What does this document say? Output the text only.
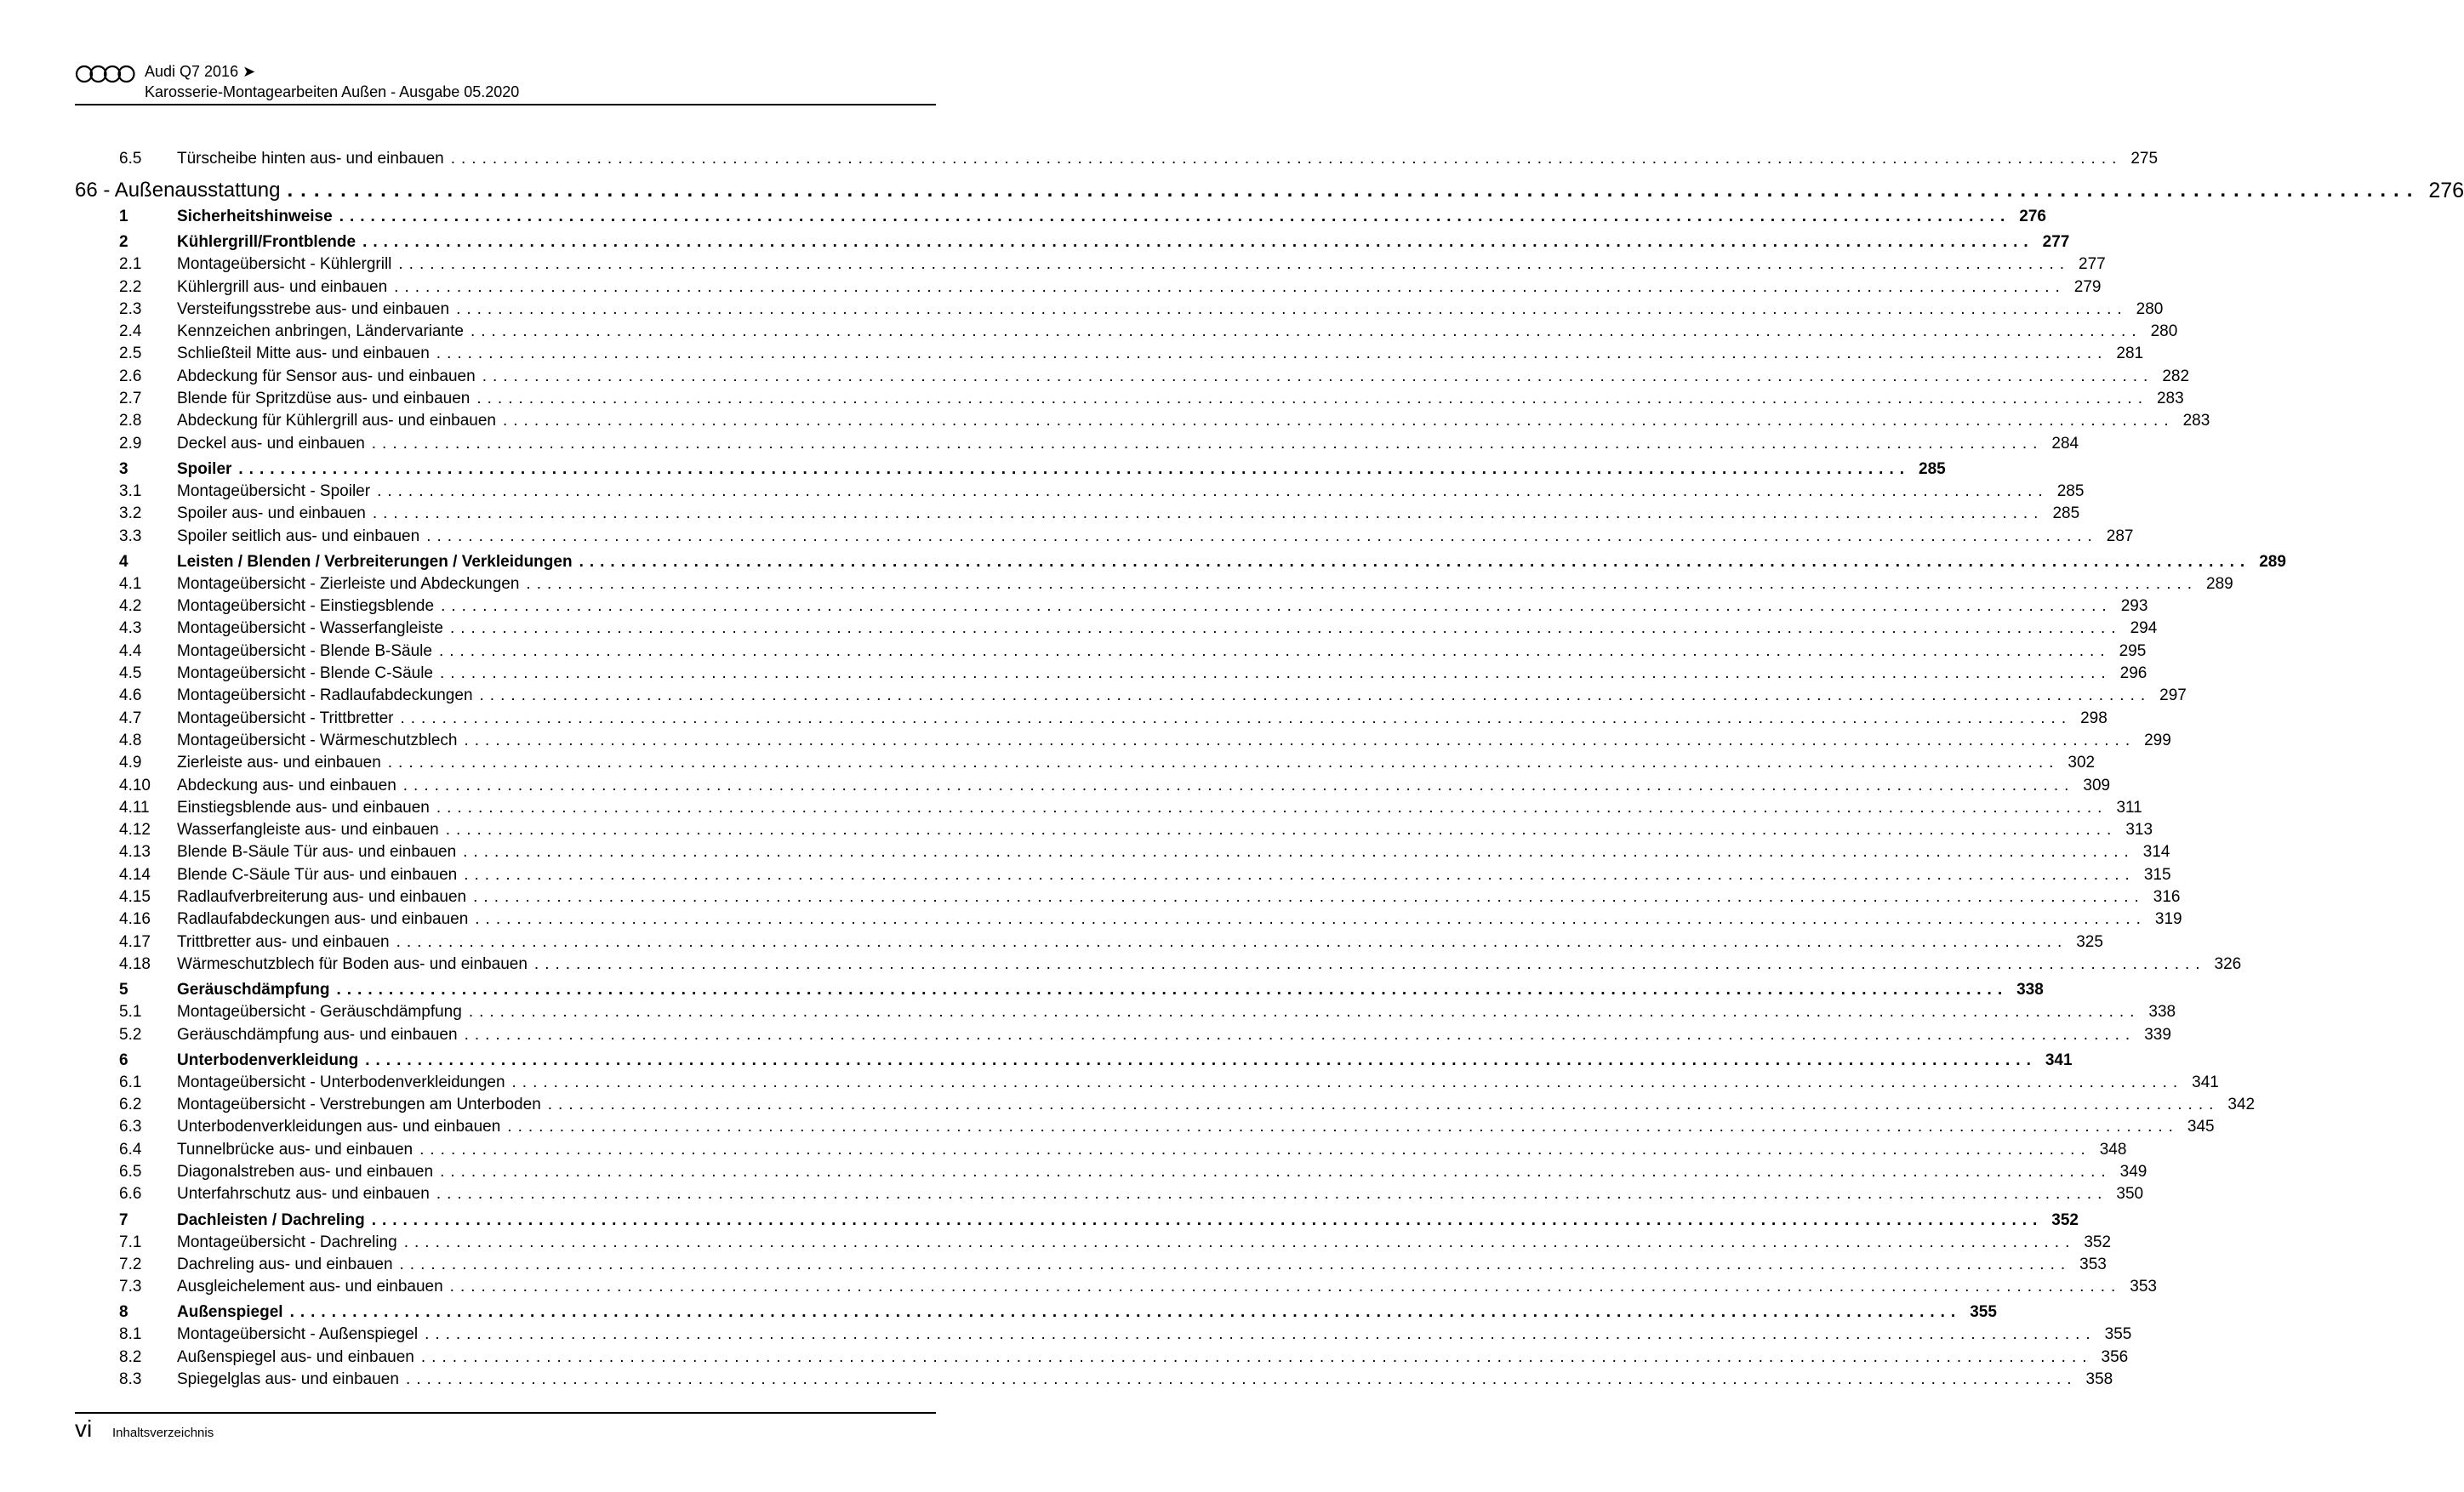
Audi Q7 2016 ➤
Karosserie-Montagearbeiten Außen - Ausgabe 05.2020
6.5 Türscheibe hinten aus- und einbauen ................................................................................................................................................................ 275
66 - Außenausstattung ................................................................................................................................................................ 276
1	Sicherheitshinweise ................................................................................................................................................................ 276
2	Kühlergrill/Frontblende ................................................................................................................................................................ 277
2.1 Montageübersicht - Kühlergrill ................................................................................................................................................................ 277
2.2 Kühlergrill aus- und einbauen ................................................................................................................................................................ 279
2.3 Versteifungsstrebe aus- und einbauen ................................................................................................................................................................ 280
2.4 Kennzeichen anbringen, Ländervariante ................................................................................................................................................................ 280
2.5 Schließteil Mitte aus- und einbauen ................................................................................................................................................................ 281
2.6 Abdeckung für Sensor aus- und einbauen ................................................................................................................................................................ 282
2.7 Blende für Spritzdüse aus- und einbauen ................................................................................................................................................................ 283
2.8 Abdeckung für Kühlergrill aus- und einbauen ................................................................................................................................................................ 283
2.9 Deckel aus- und einbauen ................................................................................................................................................................ 284
3	Spoiler ................................................................................................................................................................ 285
3.1 Montageübersicht - Spoiler ................................................................................................................................................................ 285
3.2 Spoiler aus- und einbauen ................................................................................................................................................................ 285
3.3 Spoiler seitlich aus- und einbauen ................................................................................................................................................................ 287
4	Leisten / Blenden / Verbreiterungen / Verkleidungen ................................................................................................................................................................ 289
4.1 Montageübersicht - Zierleiste und Abdeckungen ................................................................................................................................................................ 289
4.2 Montageübersicht - Einstiegsblende ................................................................................................................................................................ 293
4.3 Montageübersicht - Wasserfangleiste ................................................................................................................................................................ 294
4.4 Montageübersicht - Blende B-Säule ................................................................................................................................................................ 295
4.5 Montageübersicht - Blende C-Säule ................................................................................................................................................................ 296
4.6 Montageübersicht - Radlaufabdeckungen ................................................................................................................................................................ 297
4.7 Montageübersicht - Trittbretter ................................................................................................................................................................ 298
4.8 Montageübersicht - Wärmeschutzblech ................................................................................................................................................................ 299
4.9 Zierleiste aus- und einbauen ................................................................................................................................................................ 302
4.10 Abdeckung aus- und einbauen ................................................................................................................................................................ 309
4.11 Einstiegsblende aus- und einbauen ................................................................................................................................................................ 311
4.12 Wasserfangleiste aus- und einbauen ................................................................................................................................................................ 313
4.13 Blende B-Säule Tür aus- und einbauen ................................................................................................................................................................ 314
4.14 Blende C-Säule Tür aus- und einbauen ................................................................................................................................................................ 315
4.15 Radlaufverbreiterung aus- und einbauen ................................................................................................................................................................ 316
4.16 Radlaufabdeckungen aus- und einbauen ................................................................................................................................................................ 319
4.17 Trittbretter aus- und einbauen ................................................................................................................................................................ 325
4.18 Wärmeschutzblech für Boden aus- und einbauen ................................................................................................................................................................ 326
5	Geräuschdämpfung ................................................................................................................................................................ 338
5.1 Montageübersicht - Geräuschdämpfung ................................................................................................................................................................ 338
5.2 Geräuschdämpfung aus- und einbauen ................................................................................................................................................................ 339
6	Unterbodenverkleidung ................................................................................................................................................................ 341
6.1 Montageübersicht - Unterbodenverkleidungen ................................................................................................................................................................ 341
6.2 Montageübersicht - Verstrebungen am Unterboden ................................................................................................................................................................ 342
6.3 Unterbodenverkleidungen aus- und einbauen ................................................................................................................................................................ 345
6.4 Tunnelbrücke aus- und einbauen ................................................................................................................................................................ 348
6.5 Diagonalstreben aus- und einbauen ................................................................................................................................................................ 349
6.6 Unterfahrschutz aus- und einbauen ................................................................................................................................................................ 350
7	Dachleisten / Dachreling ................................................................................................................................................................ 352
7.1 Montageübersicht - Dachreling ................................................................................................................................................................ 352
7.2 Dachreling aus- und einbauen ................................................................................................................................................................ 353
7.3 Ausgleichelement aus- und einbauen ................................................................................................................................................................ 353
8	Außenspiegel ................................................................................................................................................................ 355
8.1 Montageübersicht - Außenspiegel ................................................................................................................................................................ 355
8.2 Außenspiegel aus- und einbauen ................................................................................................................................................................ 356
8.3 Spiegelglas aus- und einbauen ................................................................................................................................................................ 358
vi Inhaltsverzeichnis
